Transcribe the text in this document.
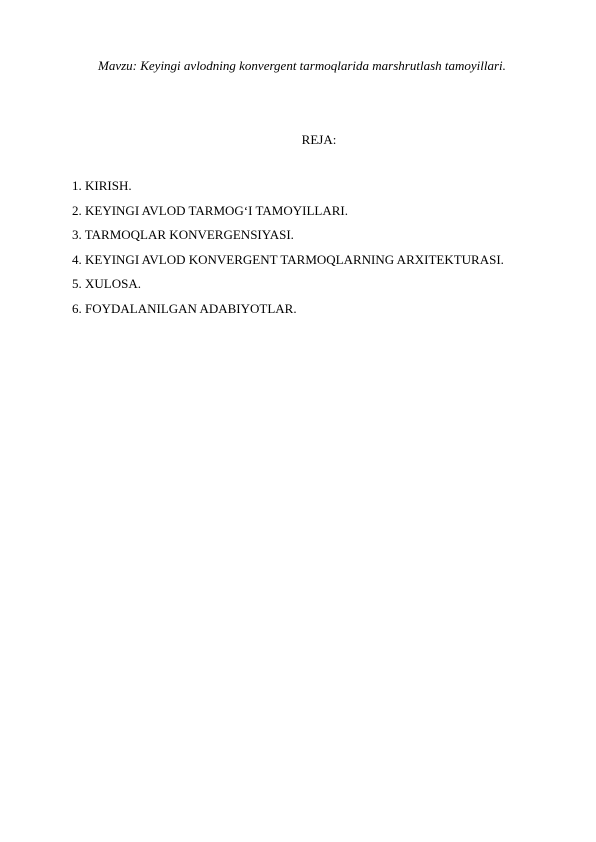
Mavzu: Keyingi avlodning konvergent tarmoqlarida marshrutlash tamoyillari.
REJA:
1. KIRISH.
2. KEYINGI AVLOD TARMOG‘I TAMOYILLARI.
3. TARMOQLAR KONVERGENSIYASI.
4. KEYINGI AVLOD KONVERGENT TARMOQLARNING ARXITEKTURASI.
5. XULOSA.
6. FOYDALANILGAN ADABIYOTLAR.
